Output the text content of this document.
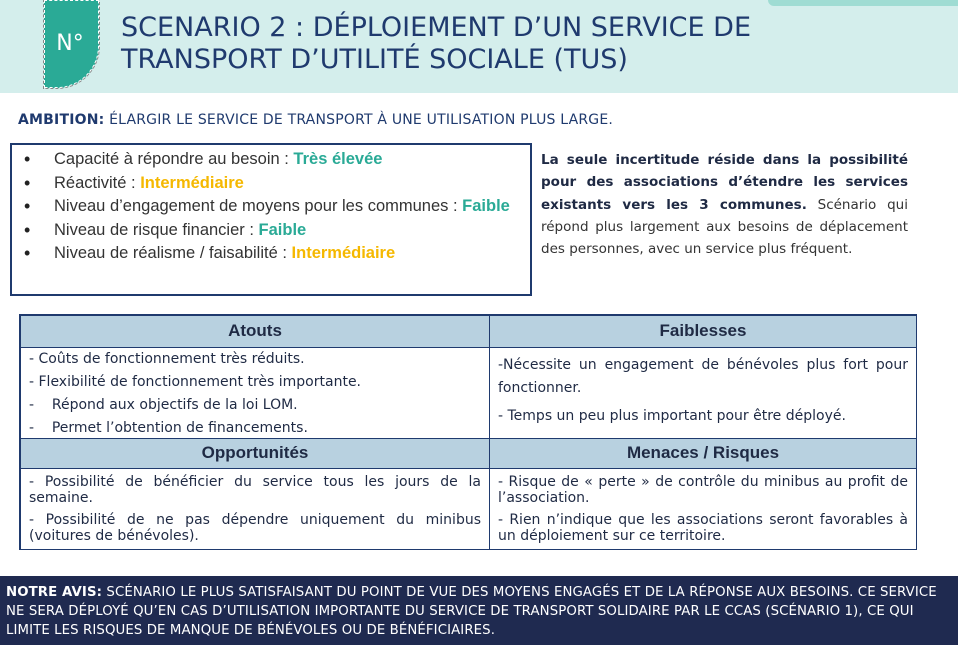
N°
SCENARIO 2 : DÉPLOIEMENT D’UN SERVICE DE
TRANSPORT D’UTILITÉ SOCIALE (TUS)
AMBITION: ÉLARGIR LE SERVICE DE TRANSPORT À UNE UTILISATION PLUS LARGE.
• Capacité à répondre au besoin : Très élevée
• Réactivité : Intermédiaire
• Niveau d’engagement de moyens pour les communes : Faible
• Niveau de risque financier : Faible
• Niveau de réalisme / faisabilité : Intermédiaire
La seule incertitude réside dans la possibilité pour des associations d’étendre les services existants vers les 3 communes. Scénario qui répond plus largement aux besoins de déplacement des personnes, avec un service plus fréquent.
Atouts	Faiblesses

- Coûts de fonctionnement très réduits.

- Flexibilité de fonctionnement très importante.

-    Répond aux objectifs de la loi LOM.

-    Permet l’obtention de financements.

-Nécessite un engagement de bénévoles plus fort pour fonctionner.

- Temps un peu plus important pour être déployé.

Opportunités	Menaces / Risques

- Possibilité de bénéficier du service tous les jours de la semaine.

- Possibilité de ne pas dépendre uniquement du minibus (voitures de bénévoles).

- Risque de « perte » de contrôle du minibus au profit de l’association.

- Rien n’indique que les associations seront favorables à un déploiement sur ce territoire.

NOTRE AVIS: SCÉNARIO LE PLUS SATISFAISANT DU POINT DE VUE DES MOYENS ENGAGÉS ET DE LA RÉPONSE AUX BESOINS. CE SERVICE NE SERA DÉPLOYÉ QU’EN CAS D’UTILISATION IMPORTANTE DU SERVICE DE TRANSPORT SOLIDAIRE PAR LE CCAS (SCÉNARIO 1), CE QUI LIMITE LES RISQUES DE MANQUE DE BÉNÉVOLES OU DE BÉNÉFICIAIRES.
